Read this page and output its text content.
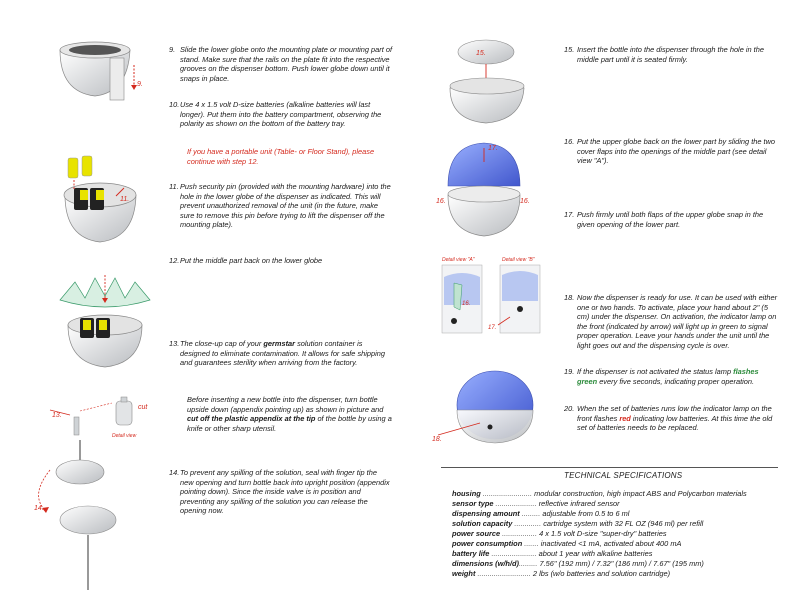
9. Slide the lower globe onto the mounting plate or mounting part of stand. Make sure that the rails on the plate fit into the respective grooves on the dispenser bottom. Push lower globe down until it snaps in place.
10. Use 4 x 1.5 volt D-size batteries (alkaline batteries will last longer). Put them into the battery compartment, observing the polarity as shown on the bottom of the battery tray.
If you have a portable unit (Table- or Floor Stand), please continue with step 12.
11. Push security pin (provided with the mounting hardware) into the hole in the lower globe of the dispenser as indicated. This will prevent unauthorized removal of the unit (in the future, make sure to remove this pin before trying to lift the dispenser off the mounting plate).
12. Put the middle part back on the lower globe
13. The close-up cap of your germstar solution container is designed to eliminate contamination. It allows for safe shipping and guarantees sterility when arriving from the factory.
Before inserting a new bottle into the dispenser, turn bottle upside down (appendix pointing up) as shown in picture and cut off the plastic appendix at the tip of the bottle by using a knife or other sharp utensil.
14. To prevent any spilling of the solution, seal with finger tip the new opening and turn bottle back into upright position (appendix pointing down). Since the inside valve is in position and preventing any spilling of the solution you can release the opening now.
15. Insert the bottle into the dispenser through the hole in the middle part until it is seated firmly.
16. Put the upper globe back on the lower part by sliding the two cover flaps into the openings of the middle part (see detail view "A").
17. Push firmly until both flaps of the upper globe snap in the given opening of the lower part.
18. Now the dispenser is ready for use. It can be used with either one or two hands. To activate, place your hand about 2" (5 cm) under the dispenser. On activation, the indicator lamp on the front (indicated by arrow) will light up in green to signal proper operation. Leave your hands under the unit until the light goes out and the dispensing cycle is over.
19. If the dispenser is not activated the status lamp flashes green every five seconds, indicating proper operation.
20. When the set of batteries runs low the indicator lamp on the front flashes red indicating low batteries. At this time the old set of batteries needs to be replaced.
TECHNICAL SPECIFICATIONS
housing ........................ modular construction, high impact ABS and Polycarbon materials
sensor type .................... reflective infrared sensor
dispensing amount ......... adjustable from 0.5 to 6 ml
solution capacity ............. cartridge system with 32 FL OZ (946 ml) per refill
power source ................. 4 x 1.5 volt D-size "super-dry" batteries
power consumption ....... inactivated <1 mA, activated about 400 mA
battery life ...................... about 1 year with alkaline batteries
dimensions (w/h/d)......... 7.56" (192 mm) / 7.32" (186 mm) / 7.67" (195 mm)
weight .......................... 2 lbs (w/o batteries and solution cartridge)
9.
11.
13.
cut
Detail view
14.
15.
17.
16.	16.
Detail view "A"	Detail view "B"
16.
17.
18.
